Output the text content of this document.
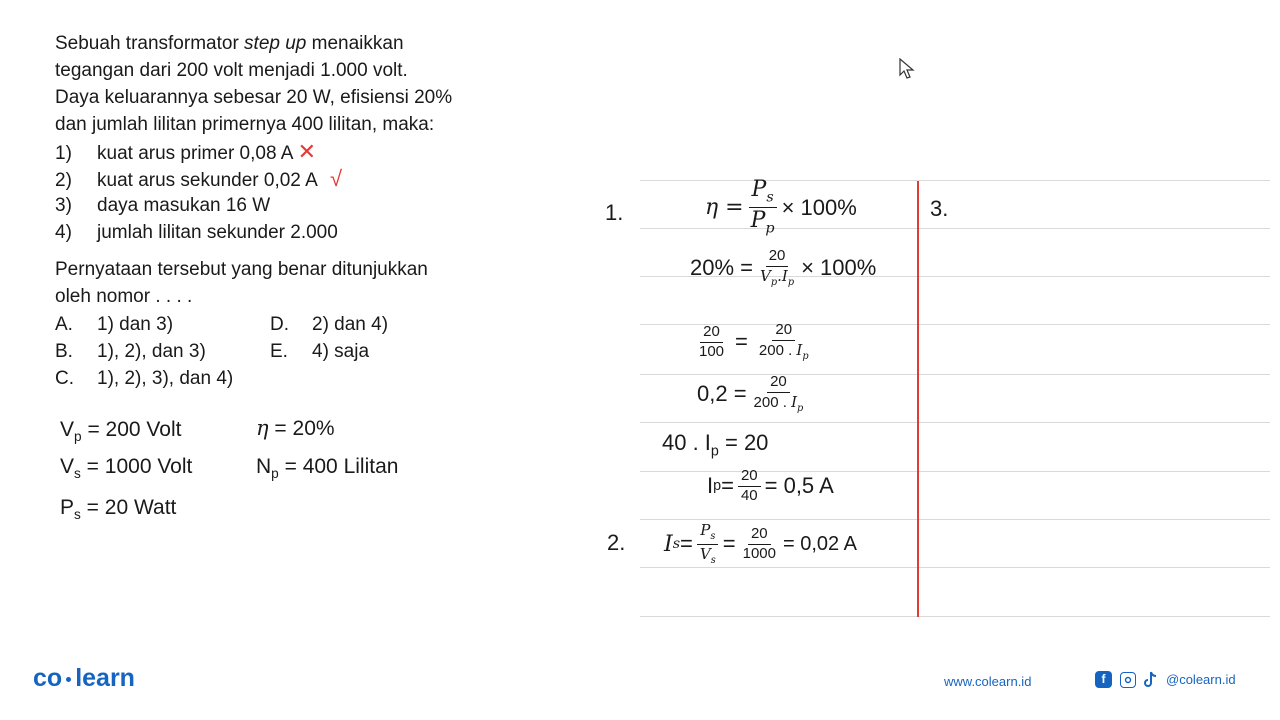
Sebuah transformator step up menaikkan
tegangan dari 200 volt menjadi 1.000 volt.
Daya keluarannya sebesar 20 W, efisiensi 20%
dan jumlah lilitan primernya 400 lilitan, maka:
1) kuat arus primer 0,08 A ✕
2) kuat arus sekunder 0,02 A √
3) daya masukan 16 W
4) jumlah lilitan sekunder 2.000
Pernyataan tersebut yang benar ditunjukkan
oleh nomor . . . .
A. 1) dan 3)
B. 1), 2), dan 3)
C. 1), 2), 3), dan 4)
D. 2) dan 4)
E. 4) saja
$V_p = 200$ Volt
$V_s = 1000$ Volt
$P_s = 20$ Watt
η = 20%
$N_p = 400$ Lilitan
1.
2.
3.
$\eta = \frac{P_s}{P_p} \times 100\%$
$20\% = \frac{20}{V_p.I_p} \times 100\%$
$\frac{20}{100} = \frac{20}{200 . I_p}$
$0,2 = \frac{20}{200 . I_p}$
40 . $I_p = 20$
I $p = \frac{20}{40} = 0,5$ A
I $s = \frac{P_s}{V_s} = \frac{20}{1000} = 0,02$ A
co learn	www.colearn.id	f	@colearn.id
